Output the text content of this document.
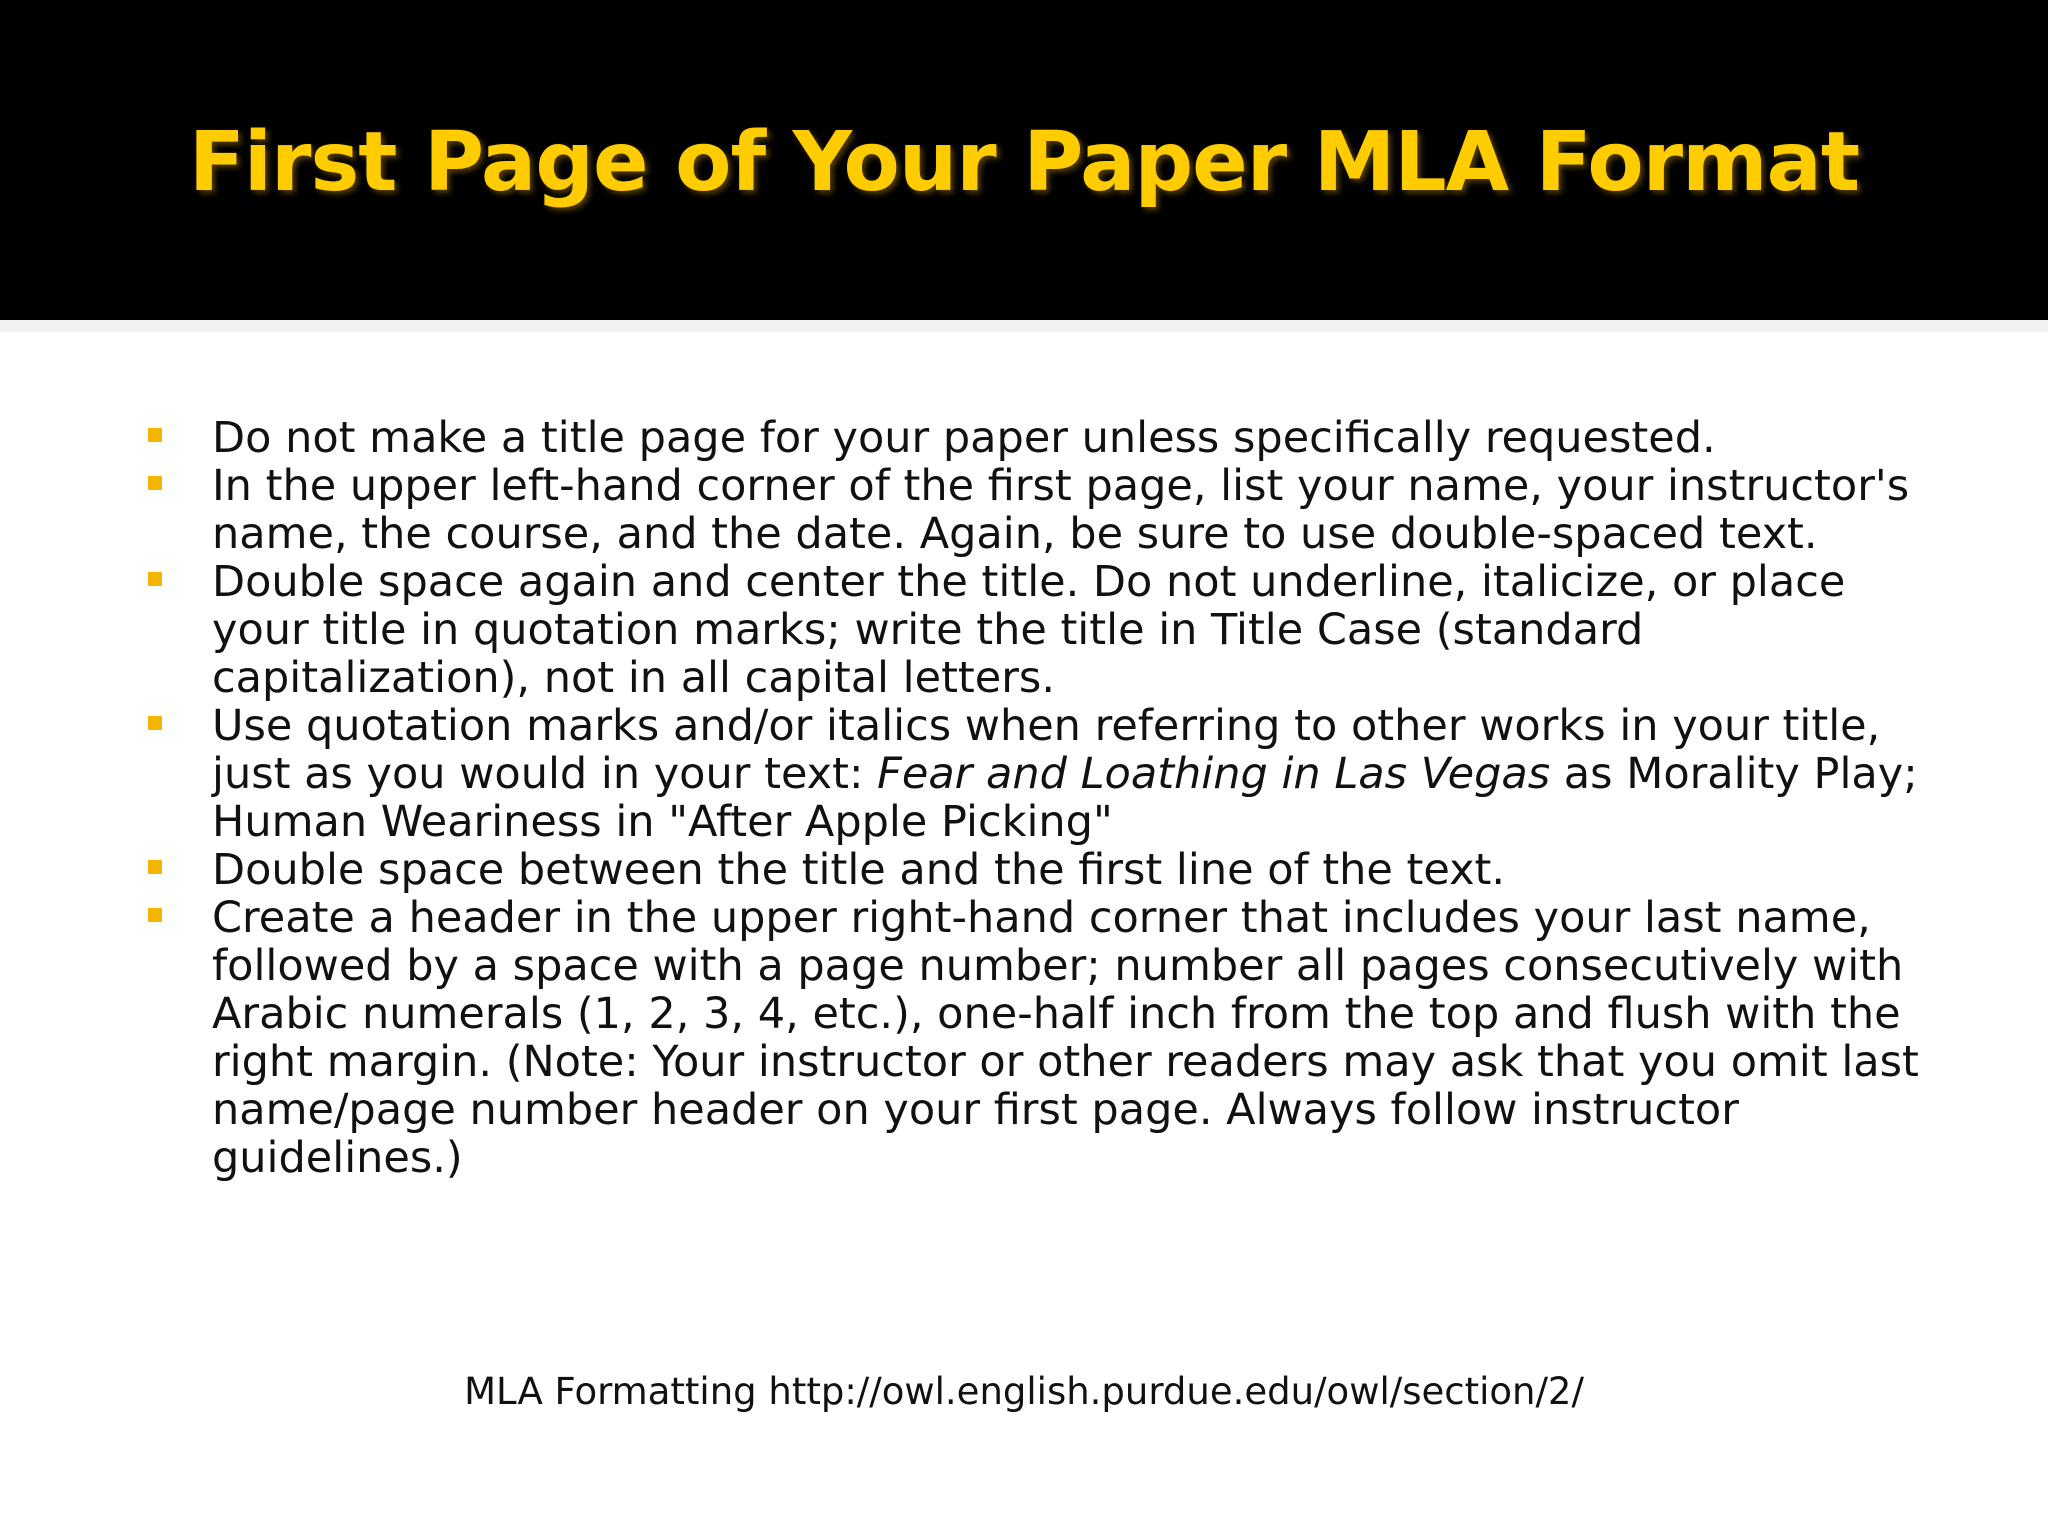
First Page of Your Paper MLA Format
Do not make a title page for your paper unless specifically requested.
In the upper left-hand corner of the first page, list your name, your instructor's name, the course, and the date. Again, be sure to use double-spaced text.
Double space again and center the title. Do not underline, italicize, or place your title in quotation marks; write the title in Title Case (standard capitalization), not in all capital letters.
Use quotation marks and/or italics when referring to other works in your title, just as you would in your text: Fear and Loathing in Las Vegas as Morality Play; Human Weariness in "After Apple Picking"
Double space between the title and the first line of the text.
Create a header in the upper right-hand corner that includes your last name, followed by a space with a page number; number all pages consecutively with Arabic numerals (1, 2, 3, 4, etc.), one-half inch from the top and flush with the right margin. (Note: Your instructor or other readers may ask that you omit last name/page number header on your first page. Always follow instructor guidelines.)

MLA Formatting http://owl.english.purdue.edu/owl/section/2/
